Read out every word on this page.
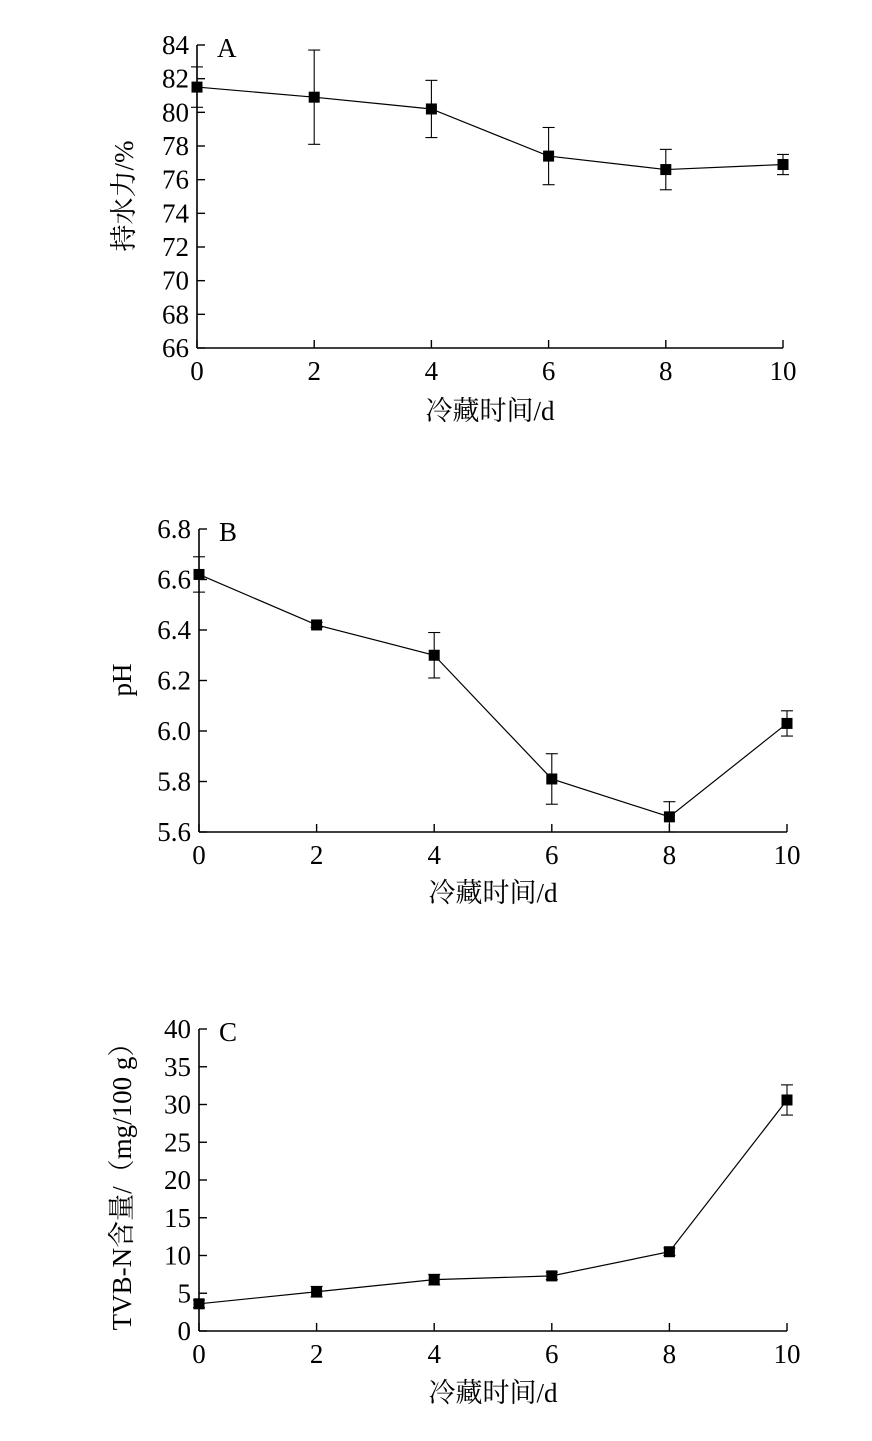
66
68
70
72
74
76
78
80
82
84
0	2	4	6	8	10
A
冷藏时间/d
持水力/%
5.6
5.8
6.0
6.2
6.4
6.6
6.8
0	2	4	6	8	10
B
冷藏时间/d
pH
0
5
10
15
20
25
30
35
40
0	2	4	6	8	10
C
冷藏时间/d
TVB-N含量/（mg/100 g）
